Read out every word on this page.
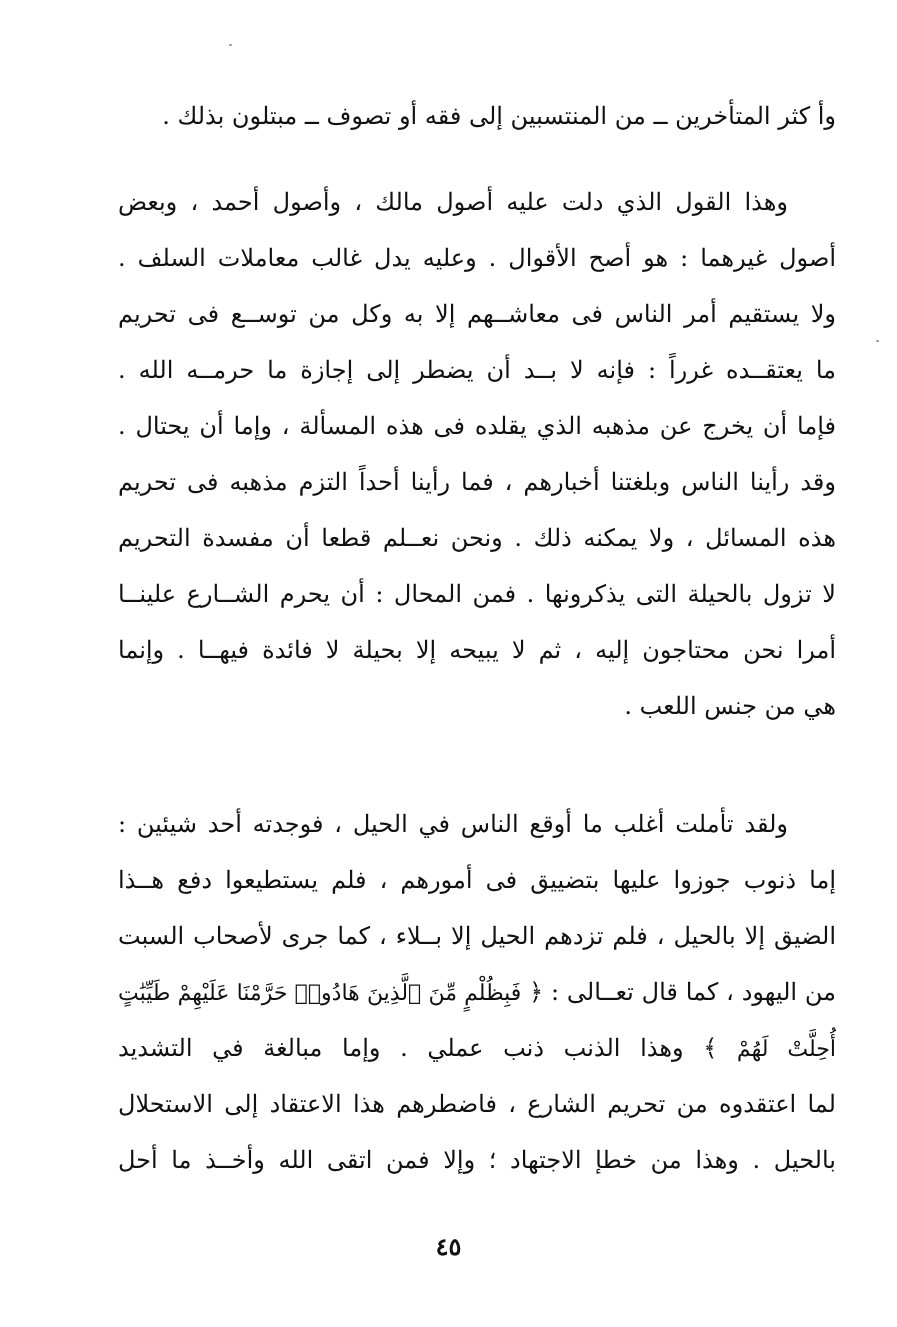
وأ كثر المتأخرين ــ من المنتسبين إلى فقه أو تصوف ــ مبتلون بذلك .
وهذا القول الذي دلت عليه أصول مالك ، وأصول أحمد ، وبعض
أصول غيرهما : هو أصح الأقوال . وعليه يدل غالب معاملات السلف .
ولا يستقيم أمر الناس فى معاشــهم إلا به وكل من توســع فى تحريم
ما يعتقــده غرراً : فإنه لا بــد أن يضطر إلى إجازة ما حرمــه الله .
فإما أن يخرج عن مذهبه الذي يقلده فى هذه المسألة ، وإما أن يحتال .
وقد رأينا الناس وبلغتنا أخبارهم ، فما رأينا أحداً التزم مذهبه فى تحريم
هذه المسائل ، ولا يمكنه ذلك . ونحن نعــلم قطعا أن مفسدة التحريم
لا تزول بالحيلة التى يذكرونها . فمن المحال : أن يحرم الشــارع علينــا
أمرا نحن محتاجون إليه ، ثم لا يبيحه إلا بحيلة لا فائدة فيهــا . وإنما
هي من جنس اللعب .
ولقد تأملت أغلب ما أوقع الناس في الحيل ، فوجدته أحد شيئين :
إما ذنوب جوزوا عليها بتضييق فى أمورهم ، فلم يستطيعوا دفع هــذا
الضيق إلا بالحيل ، فلم تزدهم الحيل إلا بــلاء ، كما جرى لأصحاب السبت
من اليهود ، كما قال تعــالى : ﴿ فَبِظُلْمٍ مِّنَ ٱلَّذِينَ هَادُوا۟ حَرَّمْنَا عَلَيْهِمْ طَيِّبَٰتٍ
أُحِلَّتْ لَهُمْ ﴾ وهذا الذنب ذنب عملي . وإما مبالغة في التشديد
لما اعتقدوه من تحريم الشارع ، فاضطرهم هذا الاعتقاد إلى الاستحلال
بالحيل . وهذا من خطإ الاجتهاد ؛ وإلا فمن اتقى الله وأخــذ ما أحل
٤٥
